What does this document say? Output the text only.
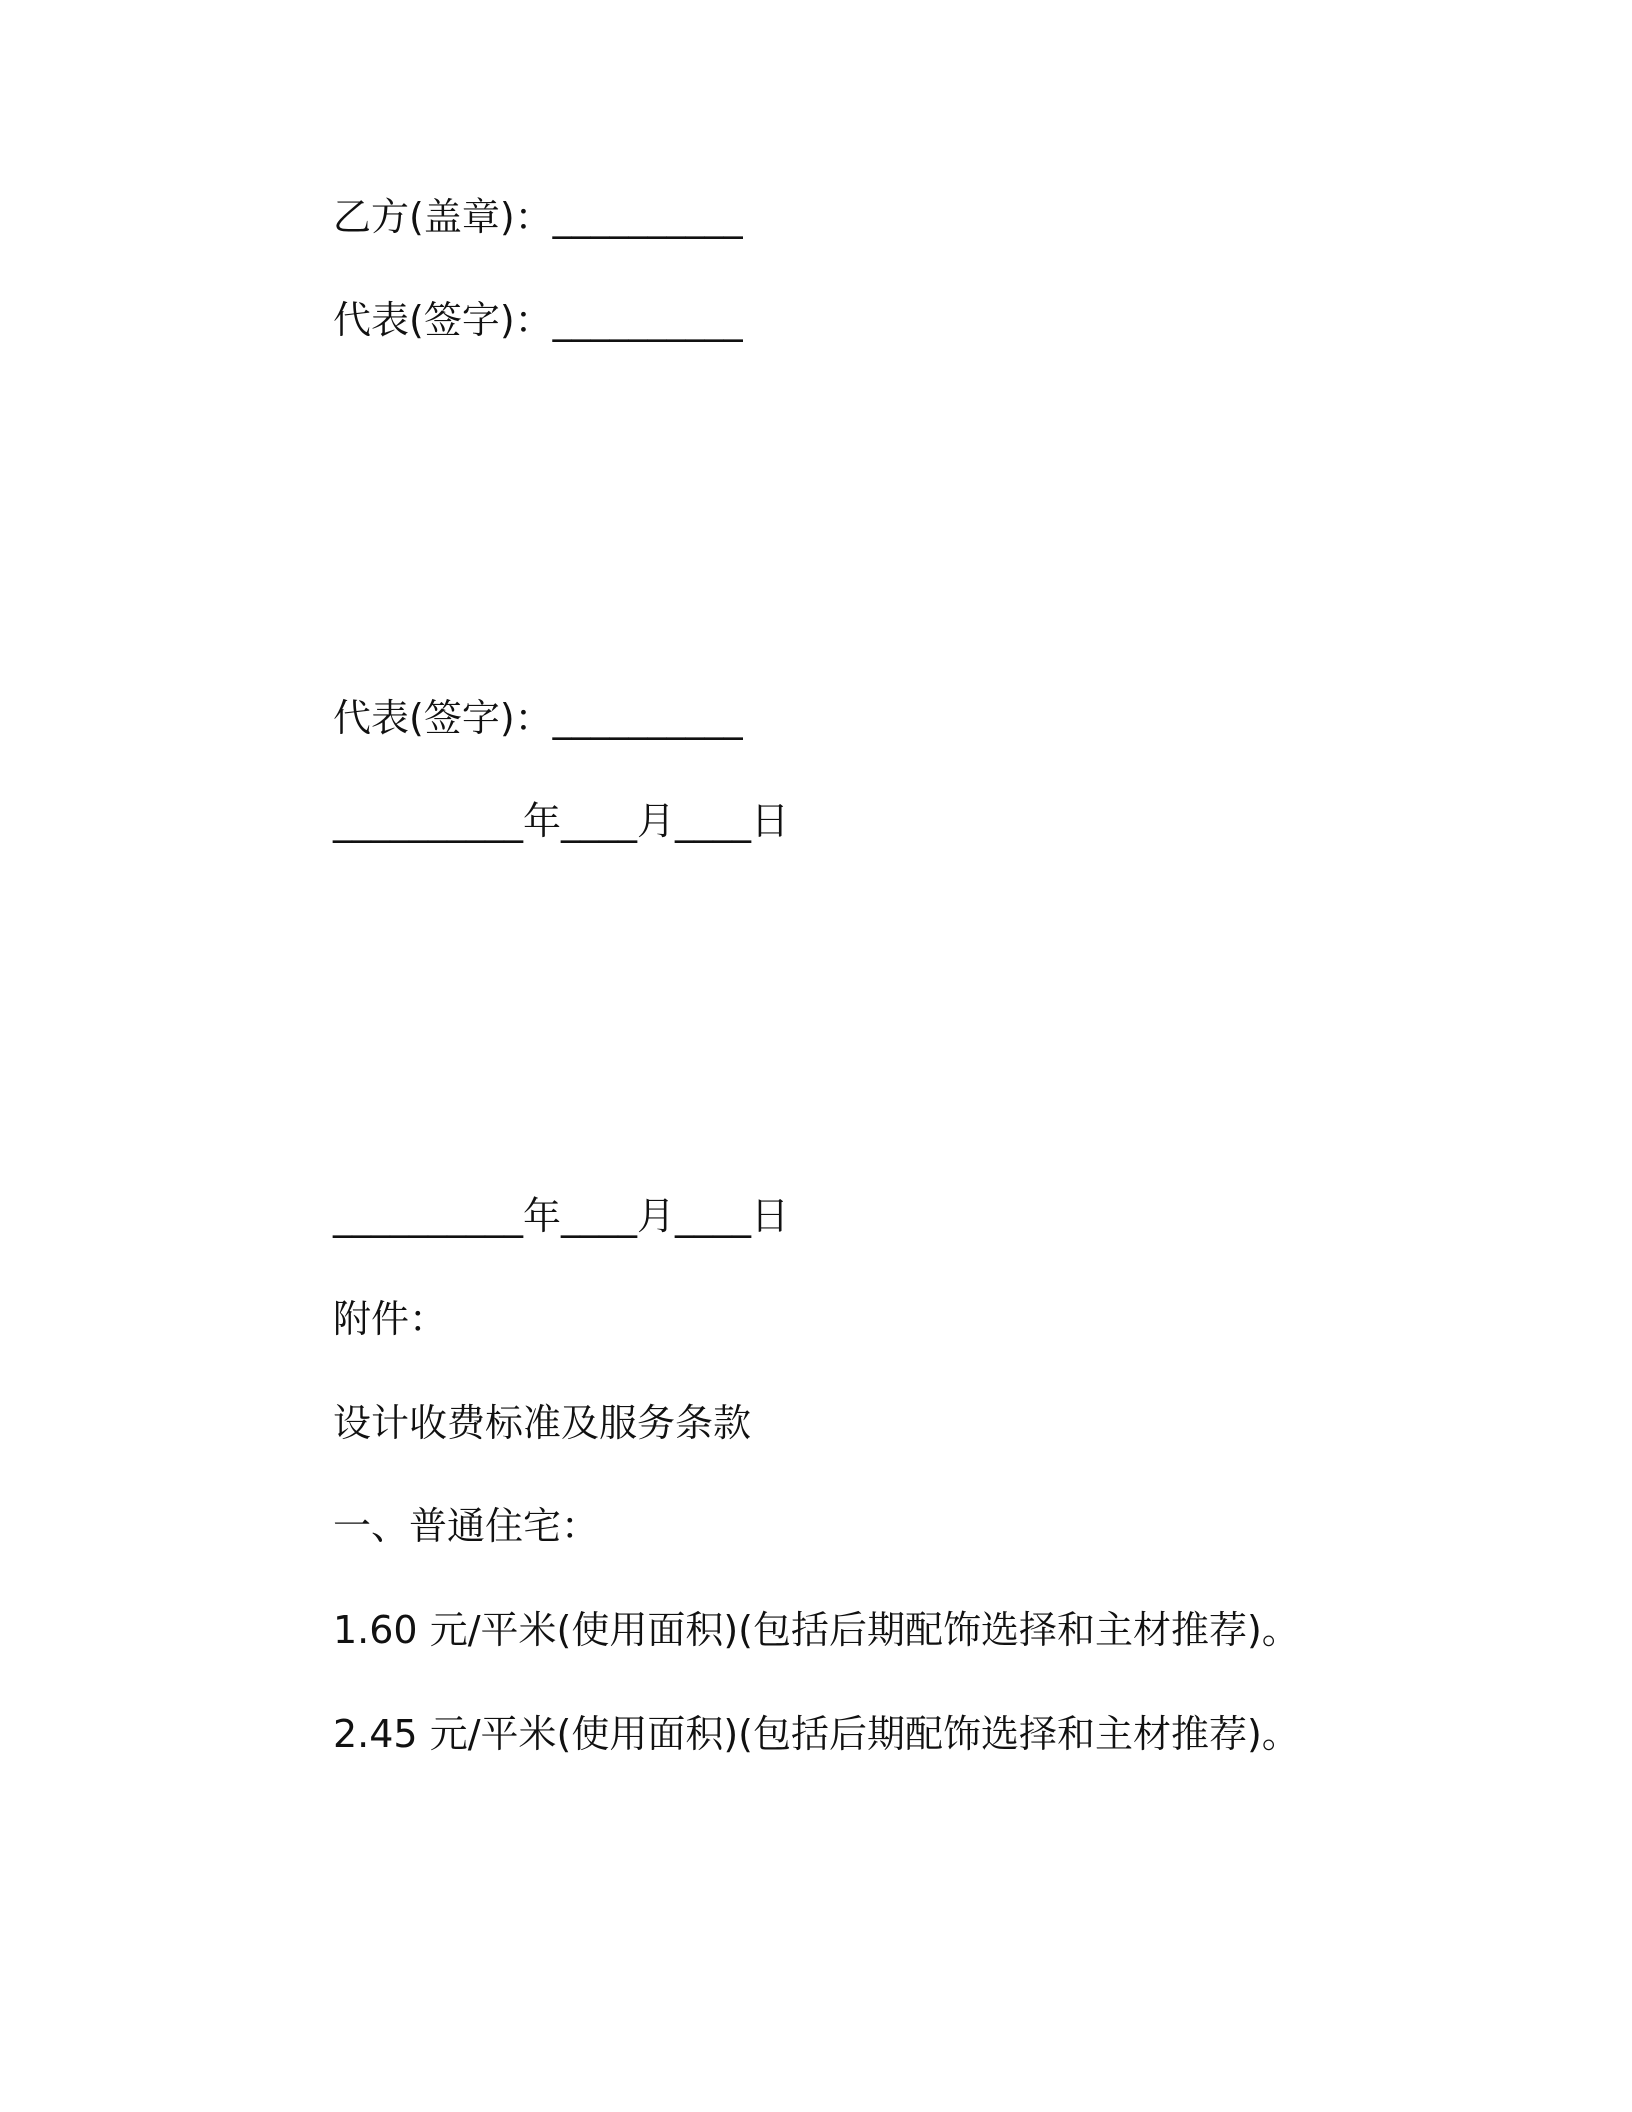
乙方(盖章)：__________
代表(签字)：__________
代表(签字)：__________
__________年____月____日
__________年____月____日
附件：
设计收费标准及服务条款
一、普通住宅：
1.60 元/平米(使用面积)(包括后期配饰选择和主材推荐)。
2.45 元/平米(使用面积)(包括后期配饰选择和主材推荐)。
